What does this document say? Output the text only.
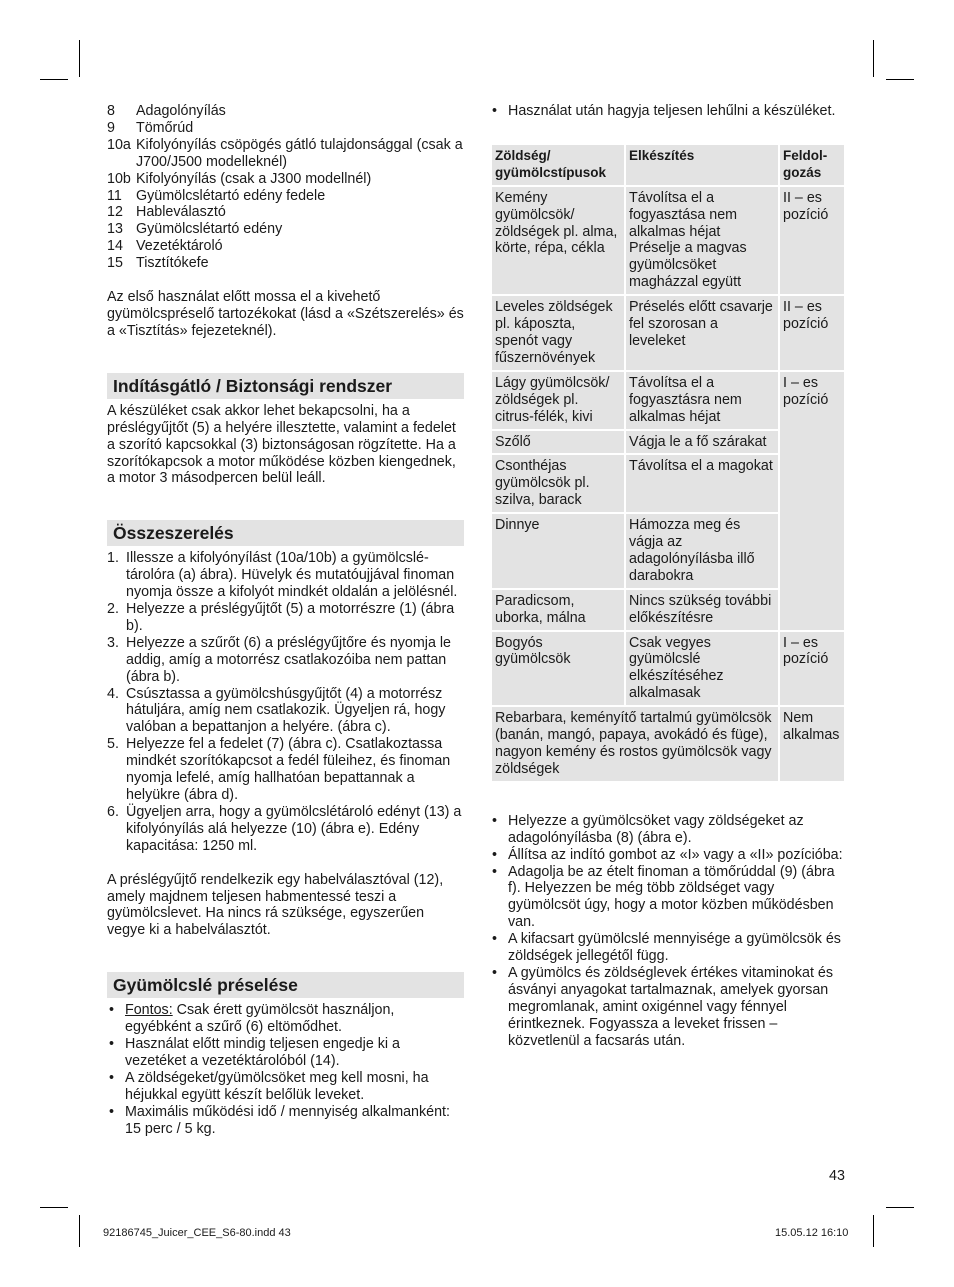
8	Adagolónyílás
9	Tömőrúd
10a Kifolyónyílás csöpögés gátló tulajdonsággal (csak a J700/J500 modelleknél)
10b Kifolyónyílás (csak a J300 modellnél)
11 Gyümölcslétartó edény fedele
12 Hableválasztó
13 Gyümölcslétartó edény
14 Vezetéktároló
15 Tisztítókefe

Az első használat előtt mossa el a kivehető gyümölcspréselő tartozékokat (lásd a «Szétszerelés» és a «Tisztítás» fejezeteknél).

Indításgátló / Biztonsági rendszer

A készüléket csak akkor lehet bekapcsolni, ha a préslégyűjtőt (5) a helyére illesztette, valamint a fedelet a szorító kapcsokkal (3) biztonságosan rögzítette. Ha a szorítókapcsok a motor működése közben kiengednek, a motor 3 másodpercen belül leáll.

Összeszerelés
1. Illessze a kifolyónyílást (10a/10b) a gyümölcslétárolóra (a) ábra). Hüvelyk és mutatóujjával finoman nyomja össze a kifolyót mindkét oldalán a jelölésnél.
2. Helyezze a préslégyűjtőt (5) a motorrészre (1) (ábra b).
3. Helyezze a szűrőt (6) a préslégyűjtőre és nyomja le addig, amíg a motorrész csatlakozóiba nem pattan (ábra b).
4. Csúsztassa a gyümölcshúsgyűjtőt (4) a motorrész hátuljára, amíg nem csatlakozik. Ügyeljen rá, hogy valóban a bepattanjon a helyére. (ábra c).
5. Helyezze fel a fedelet (7) (ábra c). Csatlakoztassa mindkét szorítókapcsot a fedél füleihez, és finoman nyomja lefelé, amíg hallhatóan bepattannak a helyükre (ábra d).
6. Ügyeljen arra, hogy a gyümölcslétároló edényt (13) a kifolyónyílás alá helyezze (10) (ábra e). Edény kapacitása: 1250 ml.

A préslégyűjtő rendelkezik egy habelválasztóval (12), amely majdnem teljesen habmentessé teszi a gyümölcslevet. Ha nincs rá szüksége, egyszerűen vegye ki a habelválasztót.

Gyümölcslé préselése
• Fontos: Csak érett gyümölcsöt használjon, egyébként a szűrő (6) eltömődhet.
• Használat előtt mindig teljesen engedje ki a vezetéket a vezetéktárolóból (14).
• A zöldségeket/gyümölcsöket meg kell mosni, ha héjukkal együtt készít belőlük leveket.
• Maximális működési idő / mennyiség alkalmanként: 15 perc / 5 kg.
• Használat után hagyja teljesen lehűlni a készüléket.
Zöldség/ gyümölcstípusok	Elkészítés	Feldolgozás
Kemény gyümölcsök/ zöldségek pl. alma, körte, répa, cékla	Távolítsa el a fogyasztása nem alkalmas héjat Préselje a magvas gyümölcsöket magházzal együtt	II – es pozíció
Leveles zöldségek pl. káposzta, spenót vagy fűszernövények	Préselés előtt csavarje fel szorosan a leveleket	II – es pozíció
Lágy gyümölcsök/ zöldségek pl. citrus-félék, kivi	Távolítsa el a fogyasztásra nem alkalmas héjat	I – es pozíció
Szőlő	Vágja le a fő szárakat	
Csonthéjas gyümölcsök pl. szilva, barack	Távolítsa el a magokat	
Dinnye	Hámozza meg és vágja az adagolónyílásba illő darabokra	
Paradicsom, uborka, málna	Nincs szükség további előkészítésre	
Bogyós gyümölcsök	Csak vegyes gyümölcslé elkészítéséhez alkalmasak	I – es pozíció
Rebarbara, keményítő tartalmú gyümölcsök (banán, mangó, papaya, avokádó és füge), nagyon kemény és rostos gyümölcsök vagy zöldségek		Nem alkalmas
• Helyezze a gyümölcsöket vagy zöldségeket az adagolónyílásba (8) (ábra e).
• Állítsa az indító gombot az «I» vagy a «II» pozícióba:
• Adagolja be az ételt finoman a tömőrúddal (9) (ábra f). Helyezzen be még több zöldséget vagy gyümölcsöt úgy, hogy a motor közben működésben van.
• A kifacsart gyümölcslé mennyisége a gyümölcsök és zöldségek jellegétől függ.
• A gyümölcs és zöldséglevek értékes vitaminokat és ásványi anyagokat tartalmaznak, amelyek gyorsan megromlanak, amint oxigénnel vagy fénnyel érintkeznek. Fogyassza a leveket frissen – közvetlenül a facsarás után.
43
92186745_Juicer_CEE_S6-80.indd 43	15.05.12 16:10
